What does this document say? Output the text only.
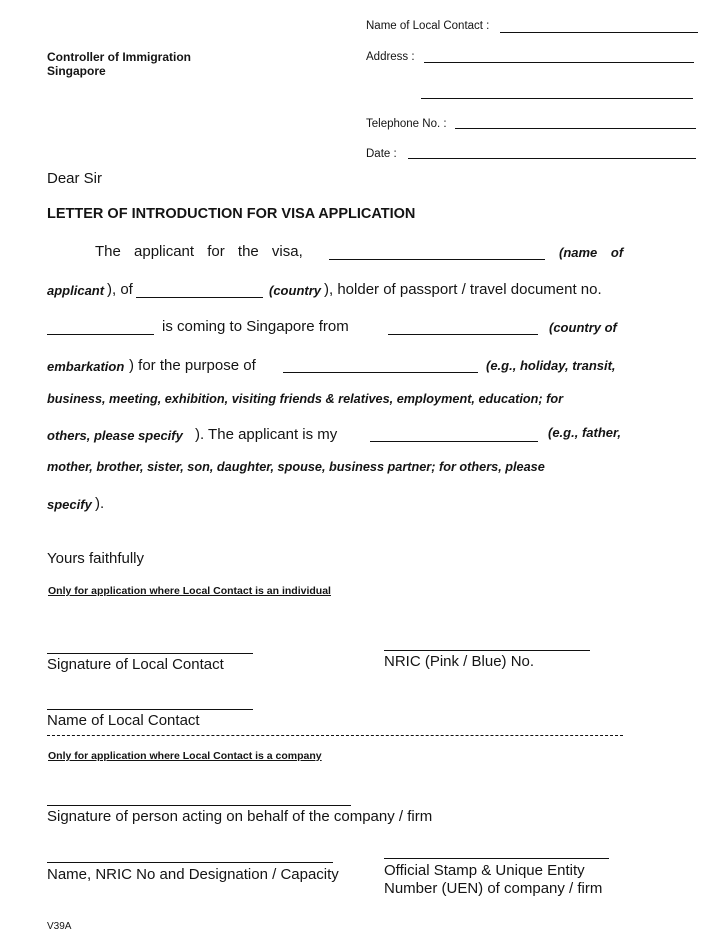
Controller of Immigration
Singapore
Name of Local Contact :
Address :
Telephone No. :
Date :
Dear Sir
LETTER OF INTRODUCTION FOR VISA APPLICATION
The applicant for the visa,	(name of
applicant ), of	(country ), holder of passport / travel document no.
is coming to Singapore from	(country of
embarkation ) for the purpose of	(e.g., holiday, transit,
business, meeting, exhibition, visiting friends & relatives, employment, education; for
others, please specify ). The applicant is my	(e.g., father,
mother, brother, sister, son, daughter, spouse, business partner; for others, please
specify ).
Yours faithfully
Only for application where Local Contact is an individual
Signature of Local Contact	NRIC (Pink / Blue) No.
Name of Local Contact
Only for application where Local Contact is a company
Signature of person acting on behalf of the company / firm
Name, NRIC No and Designation / Capacity	Official Stamp & Unique Entity
Number (UEN) of company / firm
V39A
